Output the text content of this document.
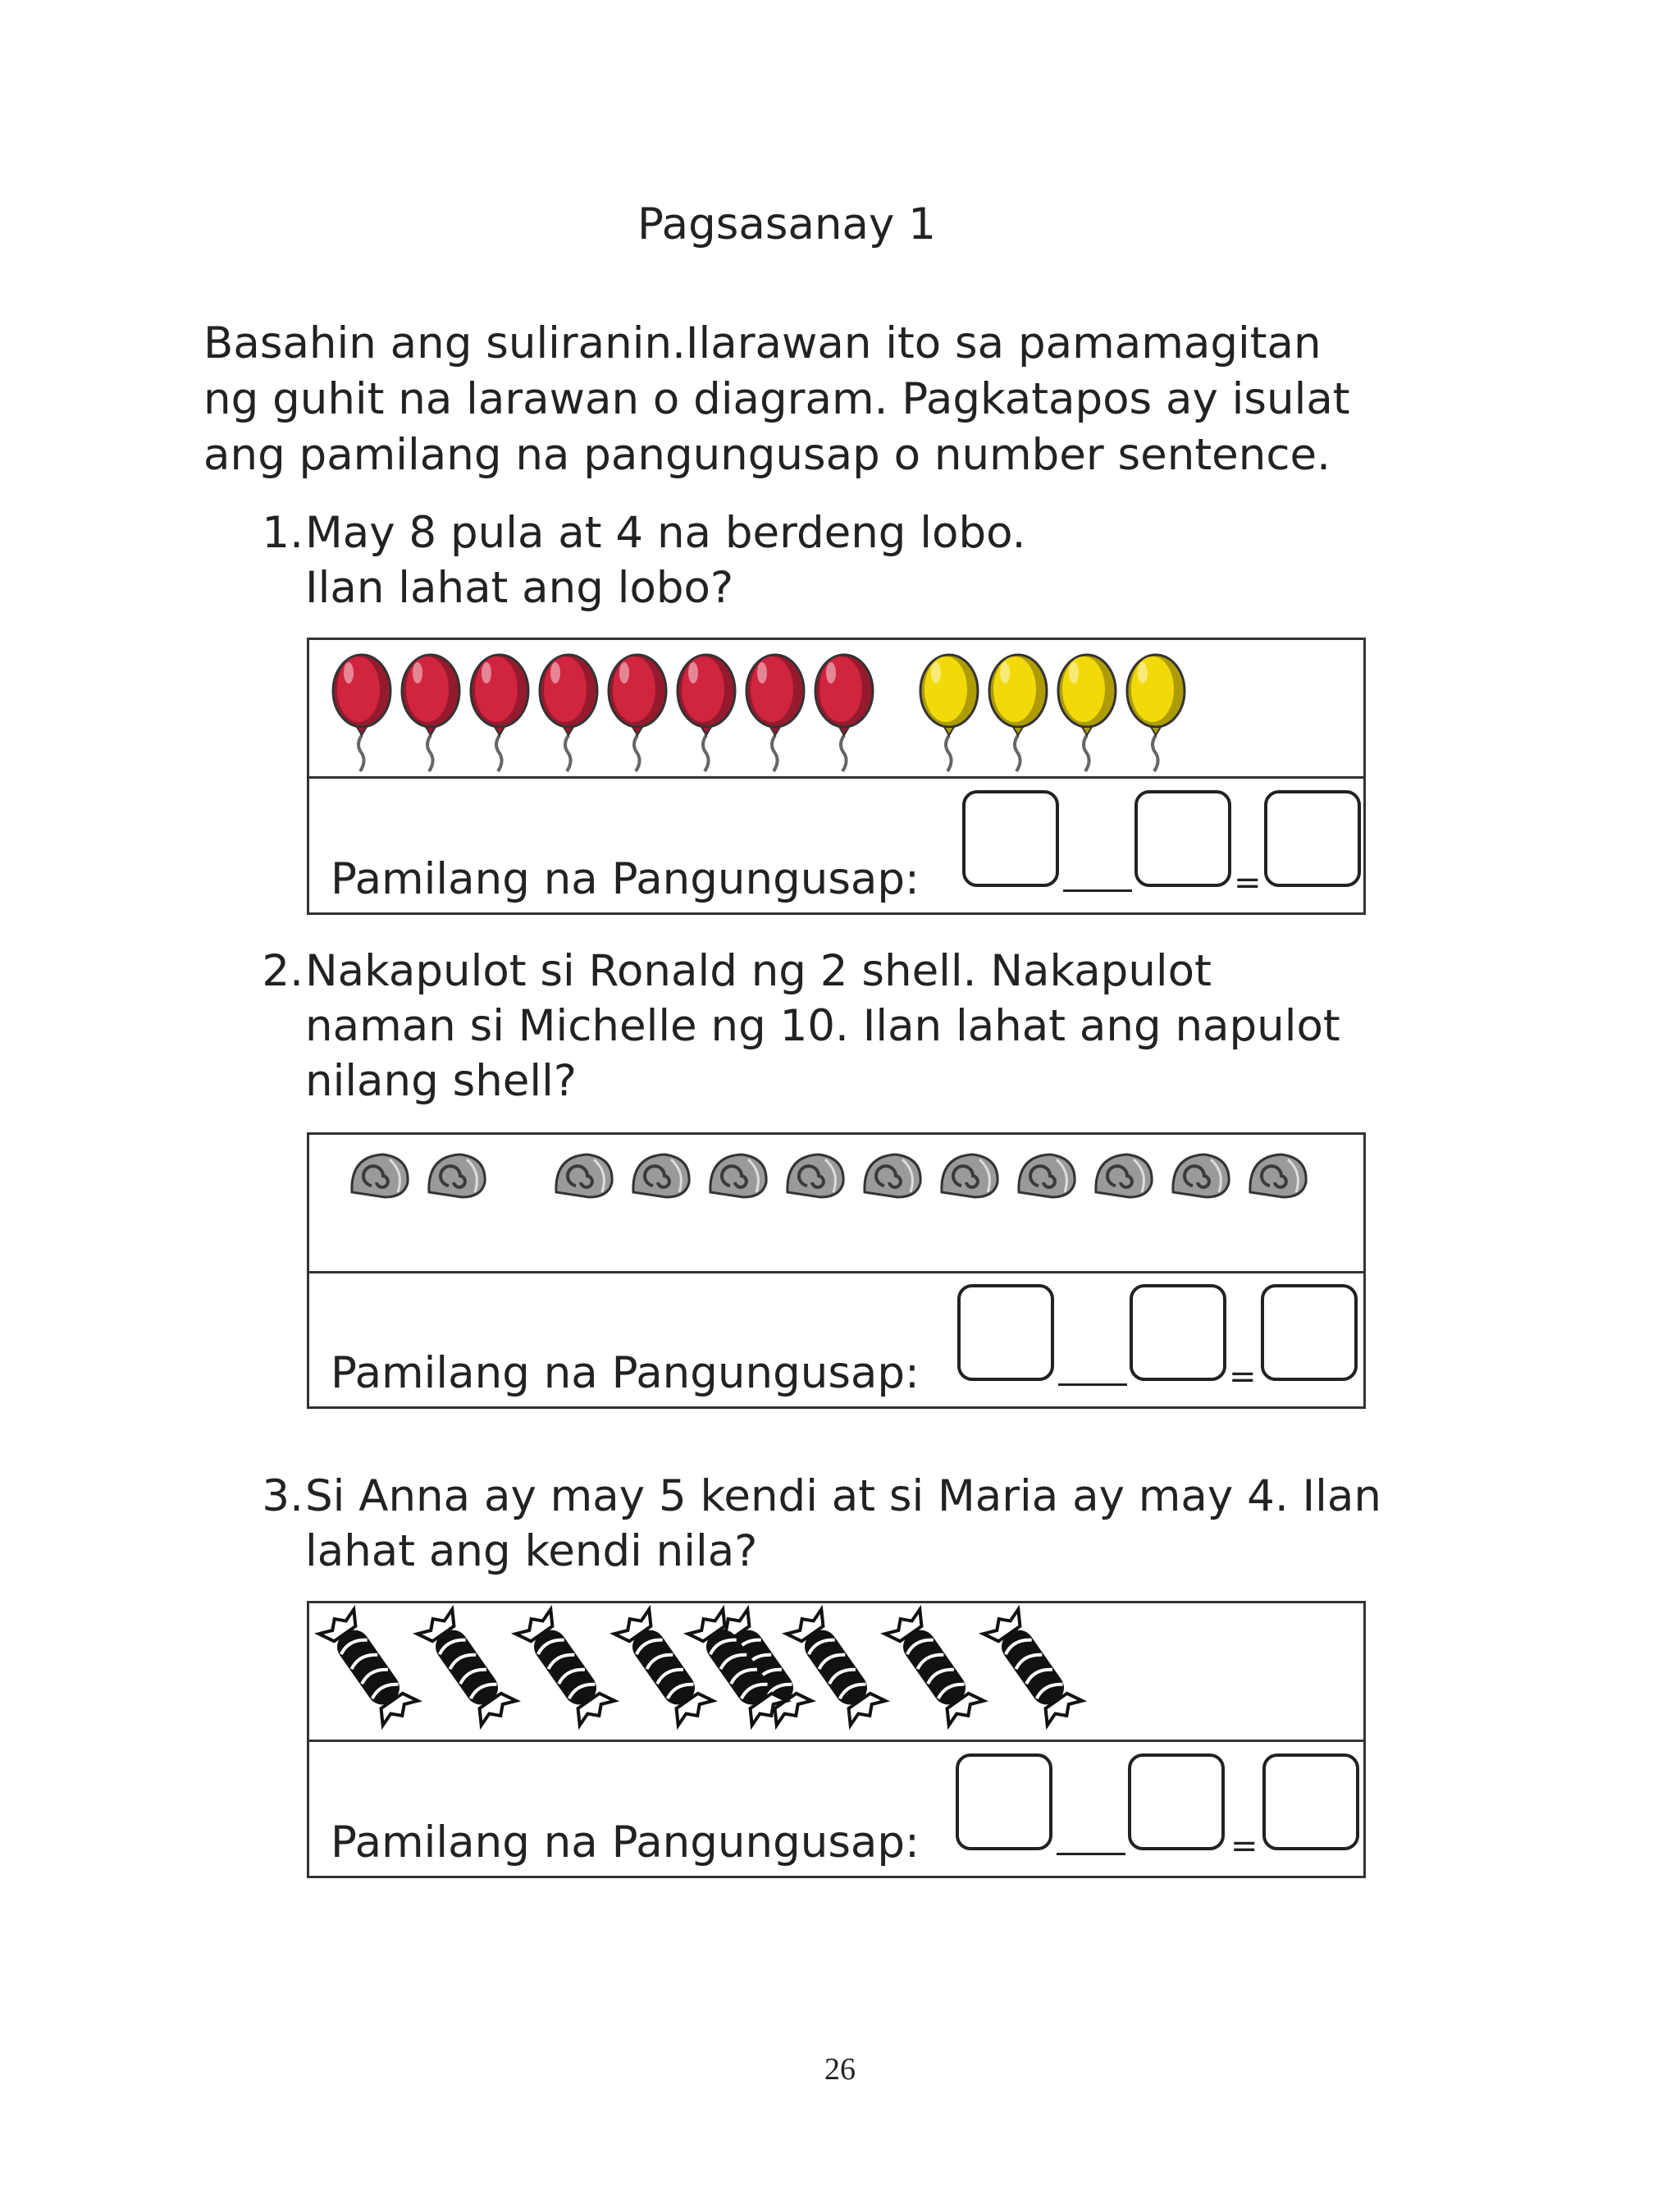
Pagsasanay 1

Basahin ang suliranin.Ilarawan ito sa pamamagitan
ng guhit na larawan o diagram. Pagkatapos ay isulat
ang pamilang na pangungusap o number sentence.

1. May 8 pula at 4 na berdeng lobo.
Ilan lahat ang lobo?
Pamilang na Pangungusap:	=
2. Nakapulot si Ronald ng 2 shell. Nakapulot
naman si Michelle ng 10. Ilan lahat ang napulot
nilang shell?
Pamilang na Pangungusap:	=
3. Si Anna ay may 5 kendi at si Maria ay may 4. Ilan
lahat ang kendi nila?
Pamilang na Pangungusap:	=
26
